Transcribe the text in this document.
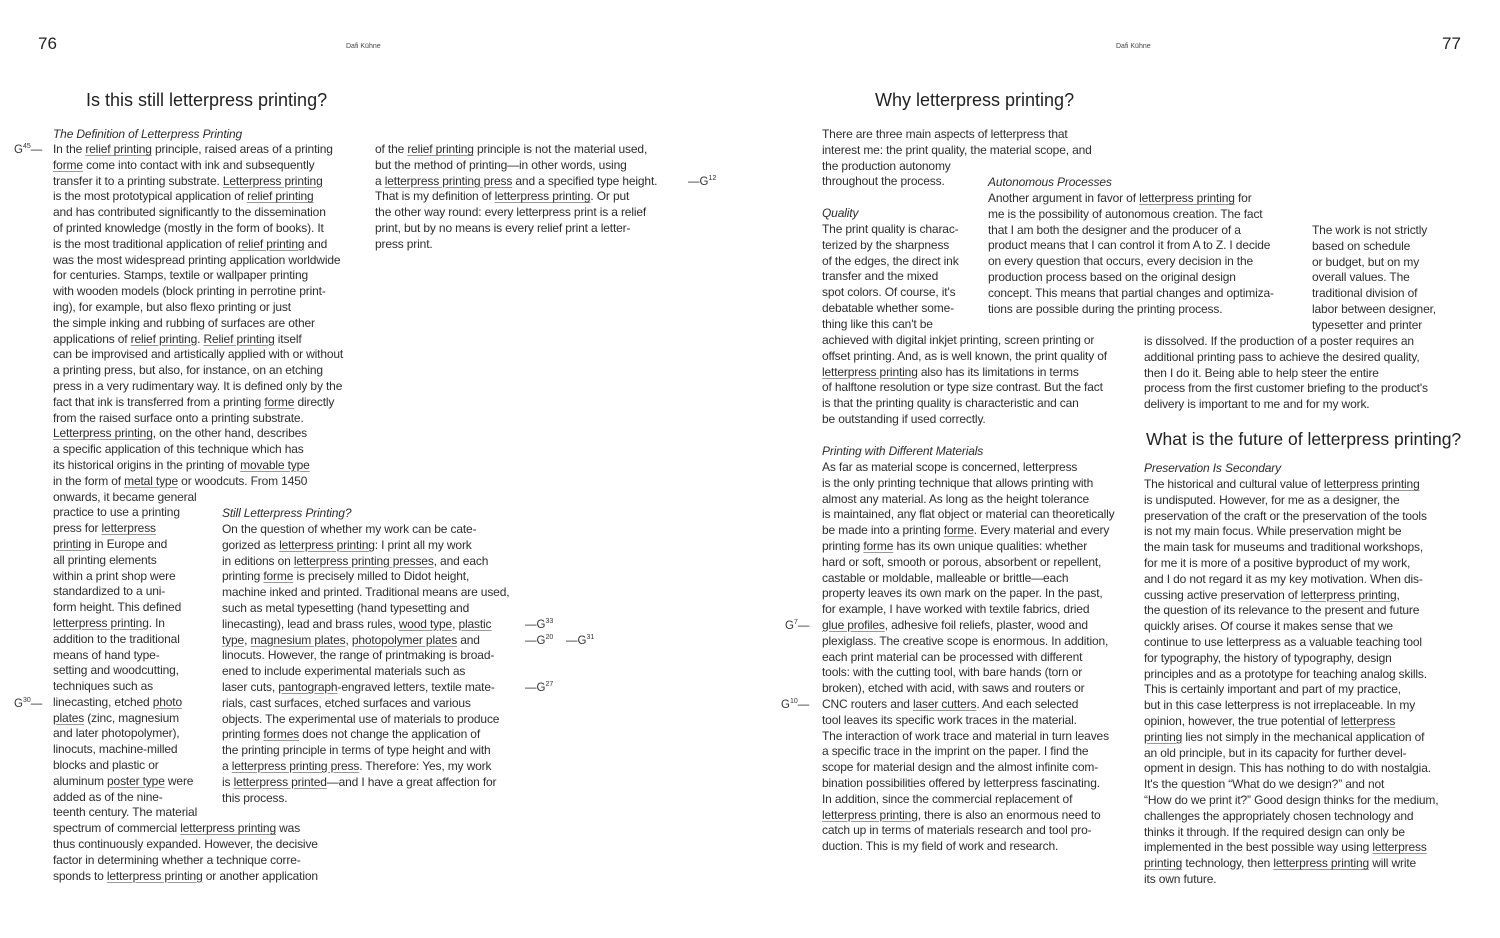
76	Dafi Kühne
Is this still letterpress printing?
The Definition of Letterpress Printing
In the relief printing principle, raised areas of a printing
forme come into contact with ink and subsequently
transfer it to a printing substrate. Letterpress printing
is the most prototypical application of relief printing
and has contributed significantly to the dissemination
of printed knowledge (mostly in the form of books). It
is the most traditional application of relief printing and
was the most widespread printing application worldwide
for centuries. Stamps, textile or wallpaper printing
with wooden models (block printing in perrotine print-
ing), for example, but also flexo printing or just
the simple inking and rubbing of surfaces are other
applications of relief printing. Relief printing itself
can be improvised and artistically applied with or without
a printing press, but also, for instance, on an etching
press in a very rudimentary way. It is defined only by the
fact that ink is transferred from a printing forme directly
from the raised surface onto a printing substrate.
Letterpress printing, on the other hand, describes
a specific application of this technique which has
its historical origins in the printing of movable type
in the form of metal type or woodcuts. From 1450
onwards, it became general
practice to use a printing
press for letterpress
printing in Europe and
all printing elements
within a print shop were
standardized to a uni-
form height. This defined
letterpress printing. In
addition to the traditional
means of hand type-
setting and woodcutting,
techniques such as
linecasting, etched photo
plates (zinc, magnesium
and later photopolymer),
linocuts, machine-milled
blocks and plastic or
aluminum poster type were
added as of the nine-
teenth century. The material
spectrum of commercial letterpress printing was
thus continuously expanded. However, the decisive
factor in determining whether a technique corre-
sponds to letterpress printing or another application
of the relief printing principle is not the material used,
but the method of printing—in other words, using
a letterpress printing press and a specified type height.
That is my definition of letterpress printing. Or put
the other way round: every letterpress print is a relief
print, but by no means is every relief print a letter-
press print.
Still Letterpress Printing?
On the question of whether my work can be cate-
gorized as letterpress printing: I print all my work
in editions on letterpress printing presses, and each
printing forme is precisely milled to Didot height,
machine inked and printed. Traditional means are used,
such as metal typesetting (hand typesetting and
linecasting), lead and brass rules, wood type, plastic
type, magnesium plates, photopolymer plates and
linocuts. However, the range of printmaking is broad-
ened to include experimental materials such as
laser cuts, pantograph-engraved letters, textile mate-
rials, cast surfaces, etched surfaces and various
objects. The experimental use of materials to produce
printing formes does not change the application of
the printing principle in terms of type height and with
a letterpress printing press. Therefore: Yes, my work
is letterpress printed—and I have a great affection for
this process.
$G^{45}—$
$G^{30}—$
$—G^{12}$
$—G^{33}$
$—G^{20}$ $—G^{31}$
$—G^{27}$
Dafi Kühne	77
Why letterpress printing?
There are three main aspects of letterpress that
interest me: the print quality, the material scope, and
the production autonomy
throughout the process.
Quality
The print quality is charac-
terized by the sharpness
of the edges, the direct ink
transfer and the mixed
spot colors. Of course, it's
debatable whether some-
thing like this can't be
achieved with digital inkjet printing, screen printing or
offset printing. And, as is well known, the print quality of
letterpress printing also has its limitations in terms
of halftone resolution or type size contrast. But the fact
is that the printing quality is characteristic and can
be outstanding if used correctly.
Printing with Different Materials
As far as material scope is concerned, letterpress
is the only printing technique that allows printing with
almost any material. As long as the height tolerance
is maintained, any flat object or material can theoretically
be made into a printing forme. Every material and every
printing forme has its own unique qualities: whether
hard or soft, smooth or porous, absorbent or repellent,
castable or moldable, malleable or brittle—each
property leaves its own mark on the paper. In the past,
for example, I have worked with textile fabrics, dried
glue profiles, adhesive foil reliefs, plaster, wood and
plexiglass. The creative scope is enormous. In addition,
each print material can be processed with different
tools: with the cutting tool, with bare hands (torn or
broken), etched with acid, with saws and routers or
CNC routers and laser cutters. And each selected
tool leaves its specific work traces in the material.
The interaction of work trace and material in turn leaves
a specific trace in the imprint on the paper. I find the
scope for material design and the almost infinite com-
bination possibilities offered by letterpress fascinating.
In addition, since the commercial replacement of
letterpress printing, there is also an enormous need to
catch up in terms of materials research and tool pro-
duction. This is my field of work and research.
Autonomous Processes
Another argument in favor of letterpress printing for
me is the possibility of autonomous creation. The fact
that I am both the designer and the producer of a
product means that I can control it from A to Z. I decide
on every question that occurs, every decision in the
production process based on the original design
concept. This means that partial changes and optimiza-
tions are possible during the printing process.
The work is not strictly
based on schedule
or budget, but on my
overall values. The
traditional division of
labor between designer,
typesetter and printer
is dissolved. If the production of a poster requires an
additional printing pass to achieve the desired quality,
then I do it. Being able to help steer the entire
process from the first customer briefing to the product's
delivery is important to me and for my work.
What is the future of letterpress printing?
Preservation Is Secondary
The historical and cultural value of letterpress printing
is undisputed. However, for me as a designer, the
preservation of the craft or the preservation of the tools
is not my main focus. While preservation might be
the main task for museums and traditional workshops,
for me it is more of a positive byproduct of my work,
and I do not regard it as my key motivation. When dis-
cussing active preservation of letterpress printing,
the question of its relevance to the present and future
quickly arises. Of course it makes sense that we
continue to use letterpress as a valuable teaching tool
for typography, the history of typography, design
principles and as a prototype for teaching analog skills.
This is certainly important and part of my practice,
but in this case letterpress is not irreplaceable. In my
opinion, however, the true potential of letterpress
printing lies not simply in the mechanical application of
an old principle, but in its capacity for further devel-
opment in design. This has nothing to do with nostalgia.
It's the question “What do we design?” and not
“How do we print it?” Good design thinks for the medium,
challenges the appropriately chosen technology and
thinks it through. If the required design can only be
implemented in the best possible way using letterpress
printing technology, then letterpress printing will write
its own future.
$G^7—$
$G^{10}—$
